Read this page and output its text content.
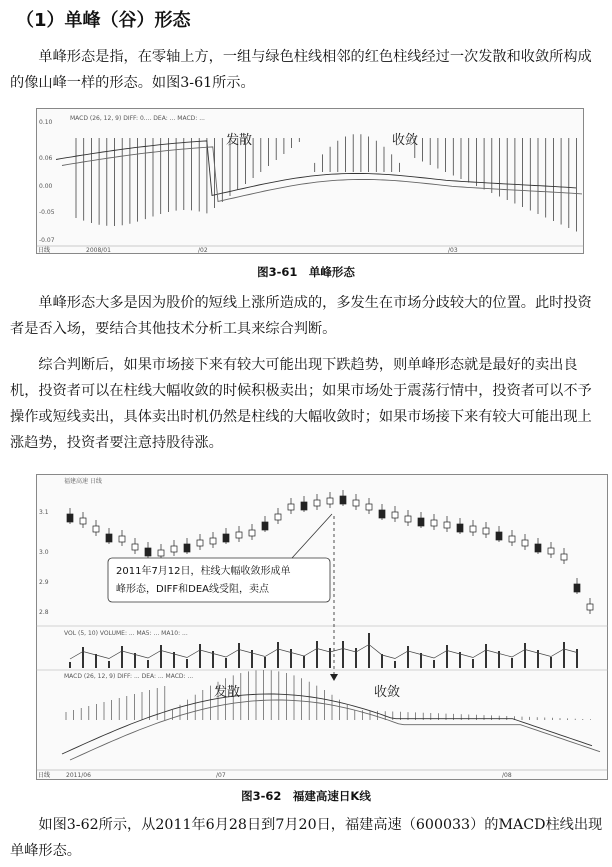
（1）单峰（谷）形态

单峰形态是指，在零轴上方，一组与绿色柱线相邻的红色柱线经过一次发散和收敛所构成的像山峰一样的形态。如图3-61所示。

MACD (26, 12, 9) DIFF: 0.... DEA: ... MACD: ...
0.10
0.06
0.00
-0.05
-0.07
发散	收敛
日线	2008/01	/02	/03
图3-61　单峰形态

单峰形态大多是因为股价的短线上涨所造成的，多发生在市场分歧较大的位置。此时投资者是否入场，要结合其他技术分析工具来综合判断。

综合判断后，如果市场接下来有较大可能出现下跌趋势，则单峰形态就是最好的卖出良机，投资者可以在柱线大幅收敛的时候积极卖出；如果市场处于震荡行情中，投资者可以不予操作或短线卖出，具体卖出时机仍然是柱线的大幅收敛时；如果市场接下来有较大可能出现上涨趋势，投资者要注意持股待涨。

福建高速 日线
3.1
3.0
2.9
2.8
2011年7月12日，柱线大幅收敛形成单
峰形态，DIFF和DEA线受阻，卖点
VOL (5, 10) VOLUME: ... MA5: ... MA10: ...
MACD (26, 12, 9) DIFF: ... DEA: ... MACD: ...
发散	收敛
日线	2011/06	/07	/08
图3-62　福建高速日K线

如图3-62所示，从2011年6月28日到7月20日，福建高速（600033）的MACD柱线出现单峰形态。
